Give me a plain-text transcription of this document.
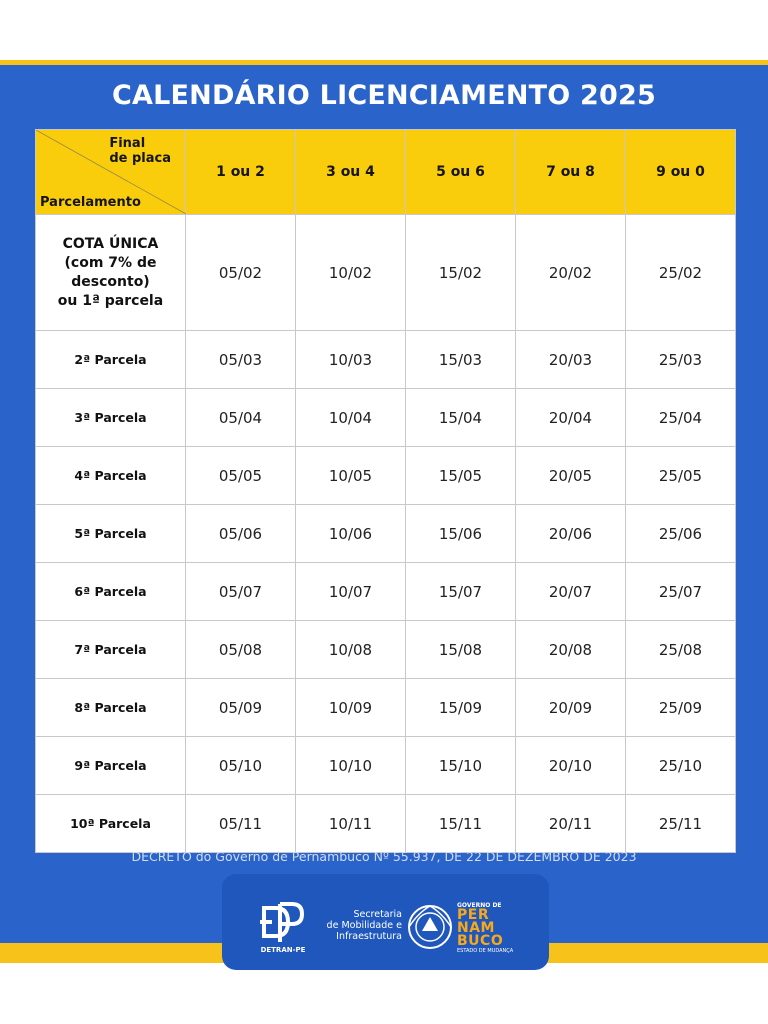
CALENDÁRIO LICENCIAMENTO 2025
Final
de placa
Parcelamento	1 ou 2	3 ou 4	5 ou 6	7 ou 8	9 ou 0

COTA ÚNICA
(com 7% de
desconto)
ou 1ª parcela	05/02	10/02	15/02	20/02	25/02
2ª Parcela	05/03	10/03	15/03	20/03	25/03
3ª Parcela	05/04	10/04	15/04	20/04	25/04
4ª Parcela	05/05	10/05	15/05	20/05	25/05
5ª Parcela	05/06	10/06	15/06	20/06	25/06
6ª Parcela	05/07	10/07	15/07	20/07	25/07
7ª Parcela	05/08	10/08	15/08	20/08	25/08
8ª Parcela	05/09	10/09	15/09	20/09	25/09
9ª Parcela	05/10	10/10	15/10	20/10	25/10
10ª Parcela	05/11	10/11	15/11	20/11	25/11
DECRETO do Governo de Pernambuco Nº 55.937, DE 22 DE DEZEMBRO DE 2023
DETRAN-PE
Secretaria
de Mobilidade e
Infraestrutura
GOVERNO DE
PER
NAM
BUCO
ESTADO DE MUDANÇA
